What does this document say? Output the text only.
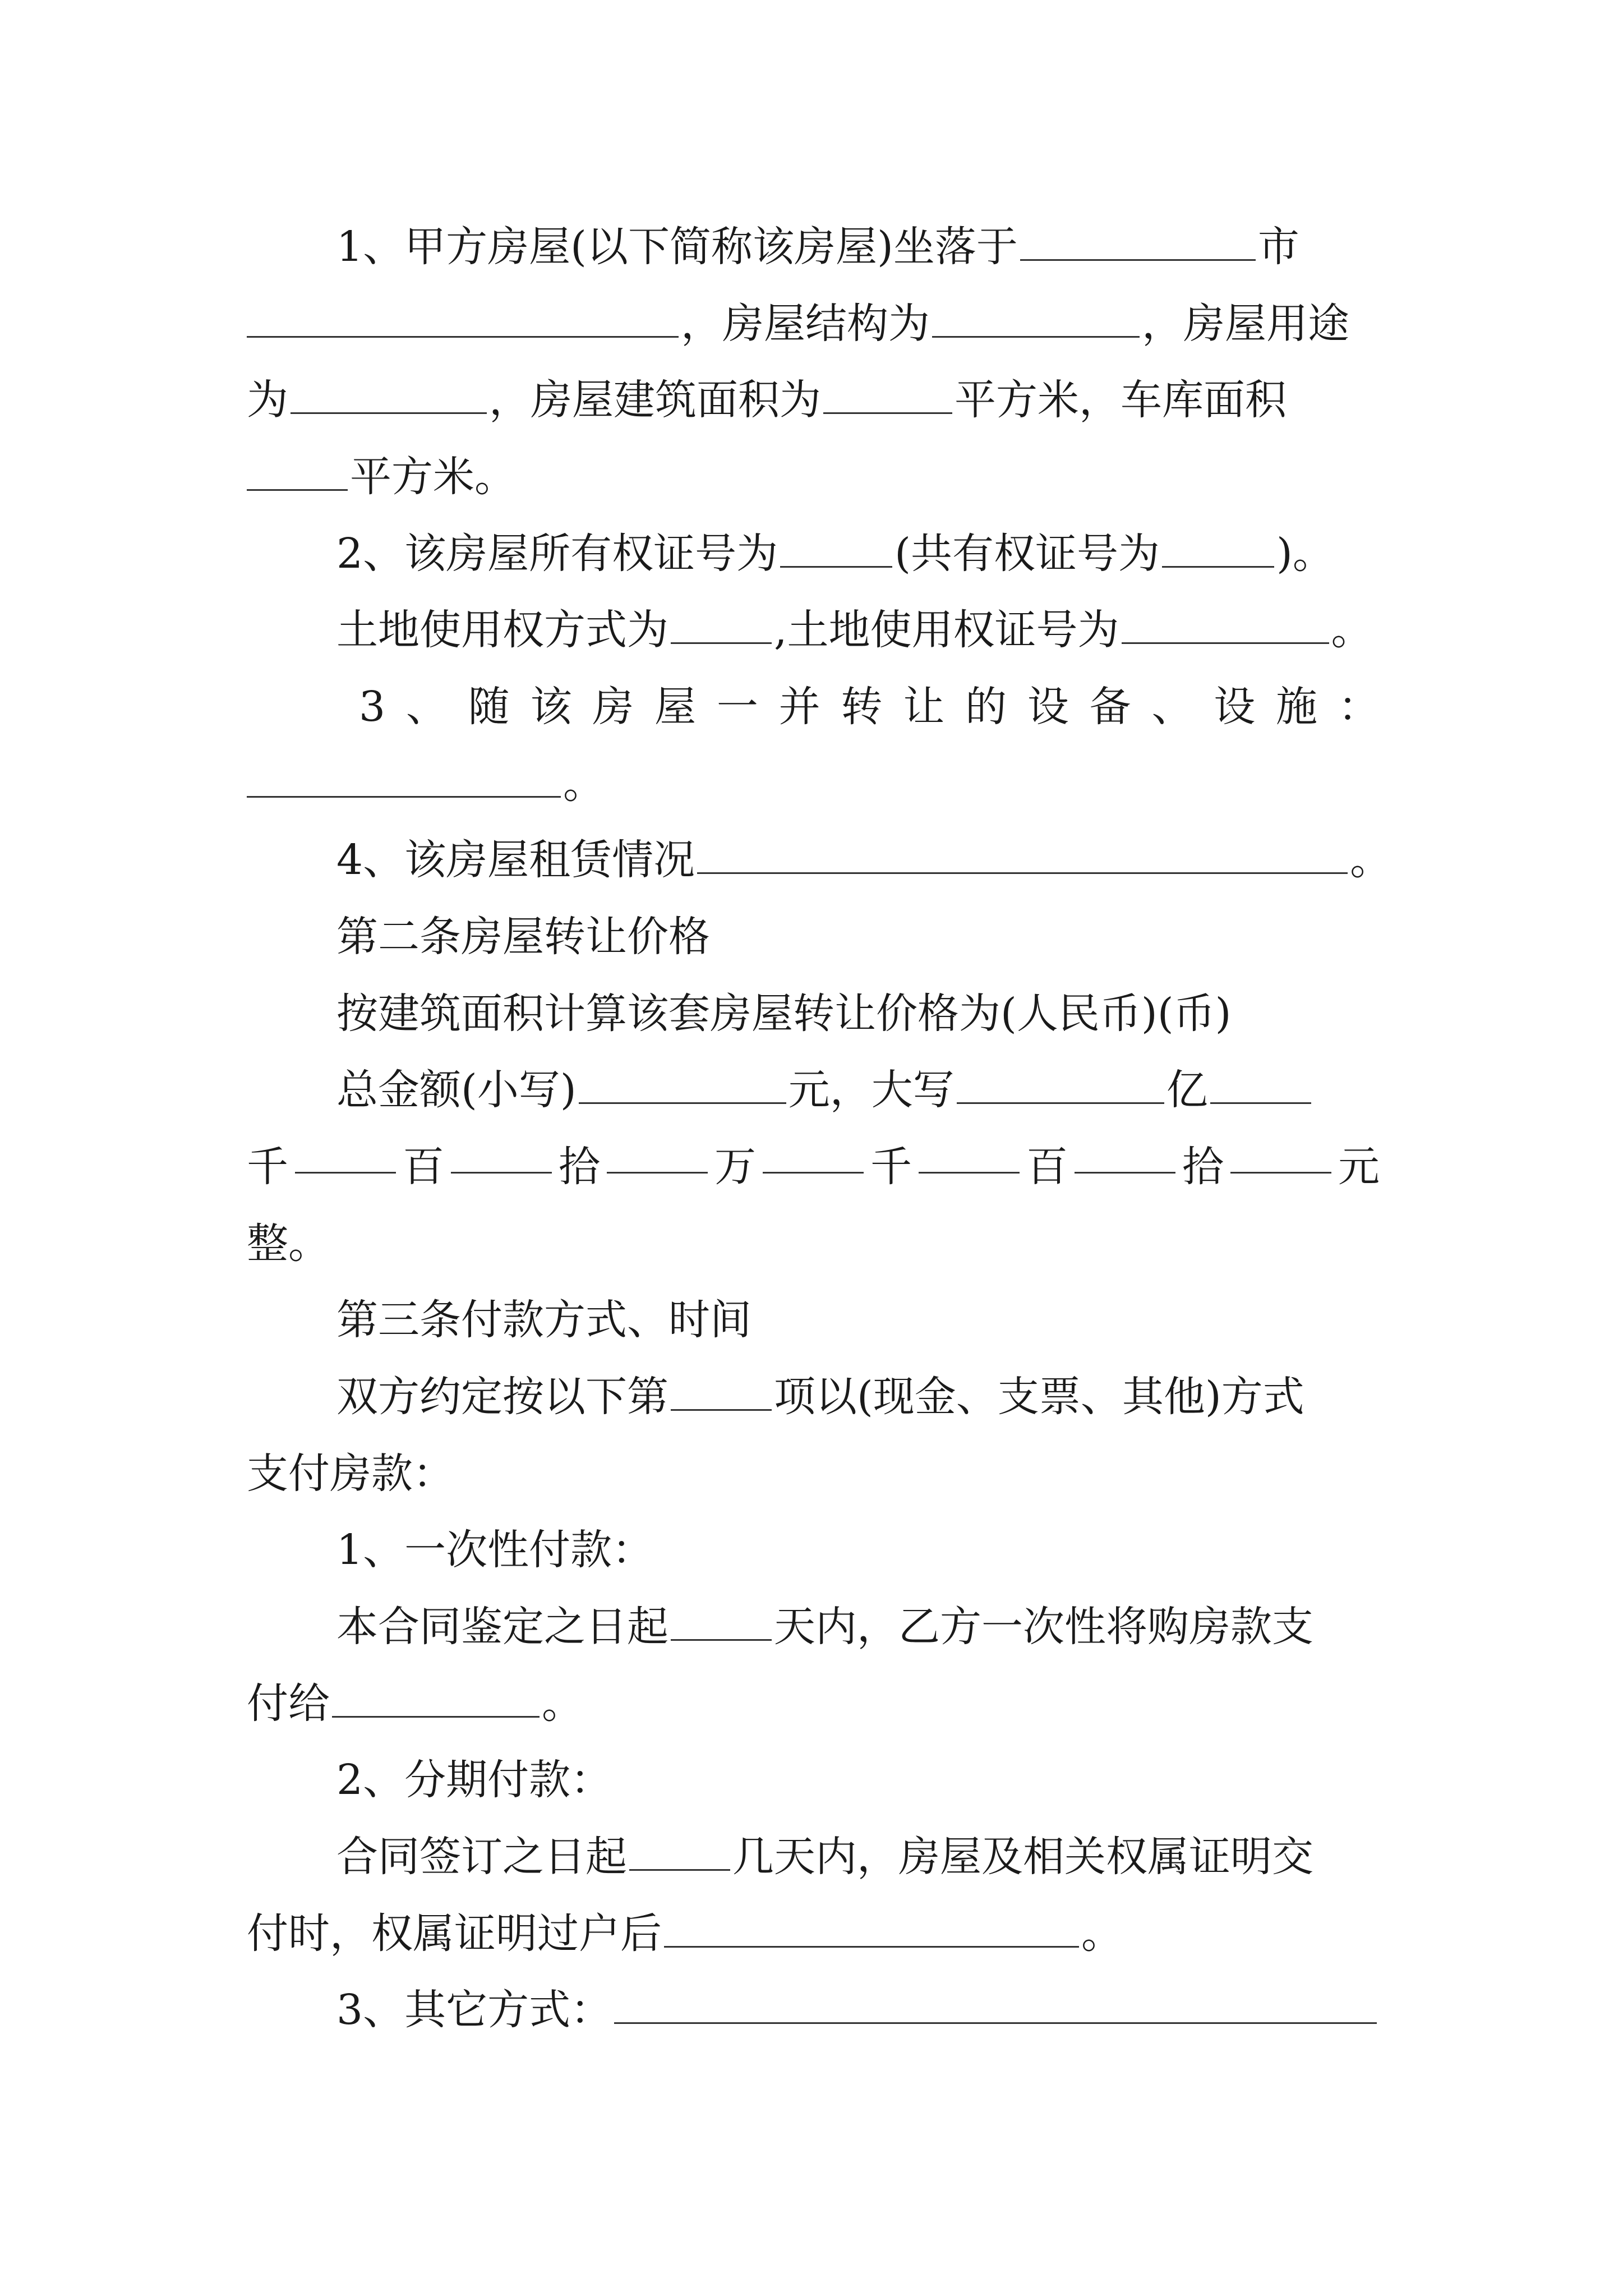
1、甲方房屋(以下简称该房屋)坐落于	市
，房屋结构为	，房屋用途
为	，房屋建筑面积为	平方米，车库面积
平方米。
2、该房屋所有权证号为	(共有权证号为	)。
土地使用权方式为	,土地使用权证号为	。
3 、 随 该 房 屋 一 并 转 让 的 设 备 、 设 施 ：
。
4、该房屋租赁情况	。
第二条房屋转让价格
按建筑面积计算该套房屋转让价格为(人民币)(币)
总金额(小写)	元，大写	亿
千	百	拾	万	千	百	拾	元
整。
第三条付款方式、时间
双方约定按以下第	项以(现金、支票、其他)方式
支付房款：
1、一次性付款：
本合同鉴定之日起	天内，乙方一次性将购房款支
付给	。
2、分期付款：
合同签订之日起	几天内，房屋及相关权属证明交
付时，权属证明过户后	。
3、其它方式：
